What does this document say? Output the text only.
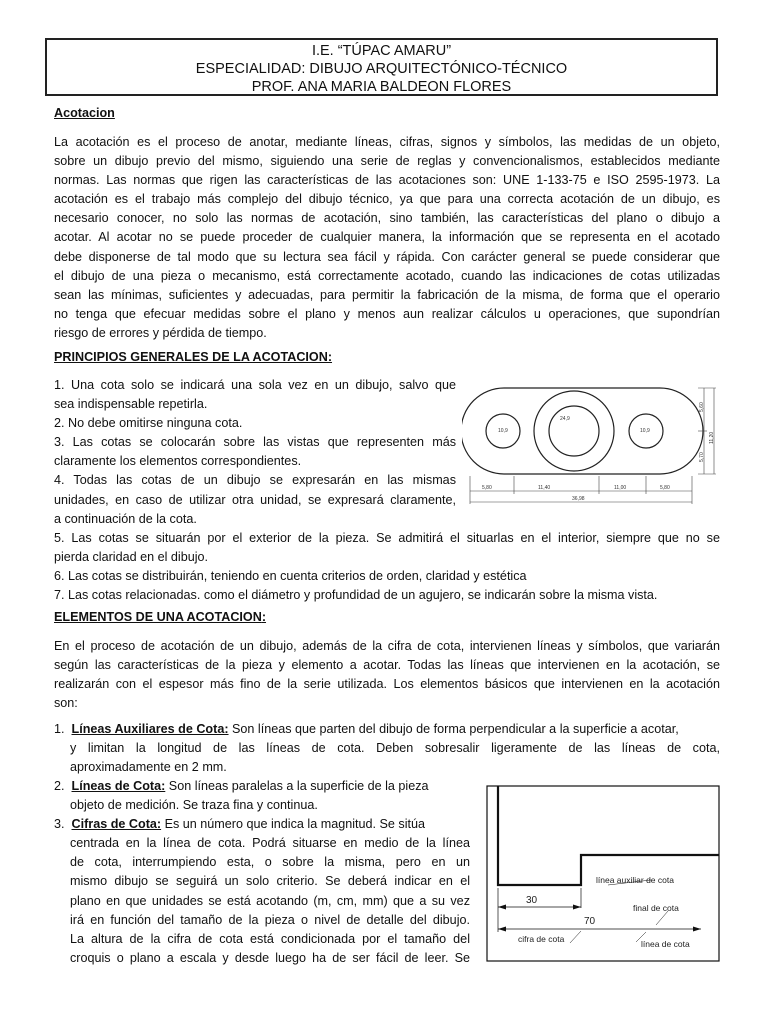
I.E. “TÚPAC AMARU”
ESPECIALIDAD: DIBUJO ARQUITECTÓNICO-TÉCNICO
PROF. ANA MARIA BALDEON FLORES
Acotacion
La acotación es el proceso de anotar, mediante líneas, cifras, signos y símbolos, las medidas de un objeto,
sobre un dibujo previo del mismo, siguiendo una serie de reglas y convencionalismos, establecidos mediante
normas. Las normas que rigen las características de las acotaciones son: UNE 1-133-75 e ISO 2595-1973. La
acotación es el trabajo más complejo del dibujo técnico, ya que para una correcta acotación de un dibujo, es
necesario conocer, no solo las normas de acotación, sino también, las características del plano o dibujo a
acotar. Al acotar no se puede proceder de cualquier manera, la información que se representa en el acotado
debe disponerse de tal modo que su lectura sea fácil y rápida. Con carácter general se puede considerar que
el dibujo de una pieza o mecanismo, está correctamente acotado, cuando las indicaciones de cotas utilizadas
sean las mínimas, suficientes y adecuadas, para permitir la fabricación de la misma, de forma que el operario
no tenga que efecuar medidas sobre el plano y menos aun realizar cálculos u operaciones, que supondrían
riesgo de errores y pérdida de tiempo.
PRINCIPIOS GENERALES DE LA ACOTACION:
1. Una cota solo se indicará una sola vez en un dibujo, salvo que
sea indispensable repetirla.
2. No debe omitirse ninguna cota.
3. Las cotas se colocarán sobre las vistas que representen más
claramente los elementos correspondientes.
4. Todas las cotas de un dibujo se expresarán en las mismas
unidades, en caso de utilizar otra unidad, se expresará claramente,
a continuación de la cota.
5. Las cotas se situarán por el exterior de la pieza. Se admitirá el situarlas en el interior, siempre que no se
pierda claridad en el dibujo.
6. Las cotas se distribuirán, teniendo en cuenta criterios de orden, claridad y estética
7. Las cotas relacionadas. como el diámetro y profundidad de un agujero, se indicarán sobre la misma vista.
10,9
24,9
10,9
5,80	11,40	11,00	5,80
36,98
5,60
11,20
5,70
ELEMENTOS DE UNA ACOTACION:
En el proceso de acotación de un dibujo, además de la cifra de cota, intervienen líneas y símbolos, que variarán
según las características de la pieza y elemento a acotar. Todas las líneas que intervienen en la acotación, se
realizarán con el espesor más fino de la serie utilizada. Los elementos básicos que intervienen en la acotación
son:
1. Líneas Auxiliares de Cota: Son líneas que parten del dibujo de forma perpendicular a la superficie a acotar,
y limitan la longitud de las líneas de cota. Deben sobresalir ligeramente de las líneas de cota,
aproximadamente en 2 mm.
2. Líneas de Cota: Son líneas paralelas a la superficie de la pieza
objeto de medición. Se traza fina y continua.
3. Cifras de Cota: Es un número que indica la magnitud. Se sitúa
centrada en la línea de cota. Podrá situarse en medio de la línea
de cota, interrumpiendo esta, o sobre la misma, pero en un
mismo dibujo se seguirá un solo criterio. Se deberá indicar en el
plano en que unidades se está acotando (m, cm, mm) que a su vez
irá en función del tamaño de la pieza o nivel de detalle del dibujo.
La altura de la cifra de cota está condicionada por el tamaño del
croquis o plano a escala y desde luego ha de ser fácil de leer. Se
línea auxiliar de cota
final de cota
cifra de cota	línea de cota
30
70
